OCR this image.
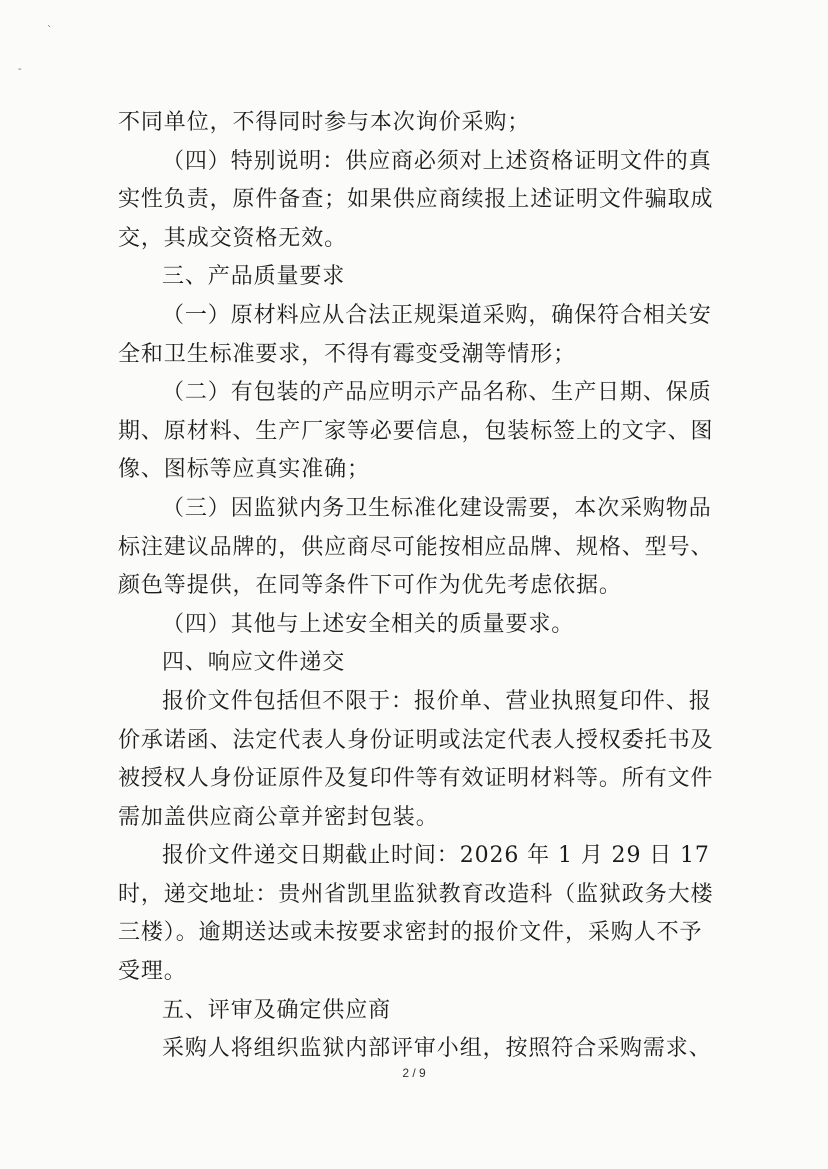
`
-

不同单位，不得同时参与本次询价采购；

（四）特别说明：供应商必须对上述资格证明文件的真实性负责，原件备查；如果供应商续报上述证明文件骗取成交，其成交资格无效。

三、产品质量要求

（一）原材料应从合法正规渠道采购，确保符合相关安全和卫生标准要求，不得有霉变受潮等情形；

（二）有包装的产品应明示产品名称、生产日期、保质期、原材料、生产厂家等必要信息，包装标签上的文字、图像、图标等应真实准确；

（三）因监狱内务卫生标准化建设需要，本次采购物品标注建议品牌的，供应商尽可能按相应品牌、规格、型号、颜色等提供，在同等条件下可作为优先考虑依据。

（四）其他与上述安全相关的质量要求。

四、响应文件递交

报价文件包括但不限于：报价单、营业执照复印件、报价承诺函、法定代表人身份证明或法定代表人授权委托书及被授权人身份证原件及复印件等有效证明材料等。所有文件需加盖供应商公章并密封包装。

报价文件递交日期截止时间：2026 年 1 月 29 日 17 时，递交地址：贵州省凯里监狱教育改造科（监狱政务大楼三楼）。逾期送达或未按要求密封的报价文件，采购人不予受理。

五、评审及确定供应商

采购人将组织监狱内部评审小组，按照符合采购需求、

2 / 9
